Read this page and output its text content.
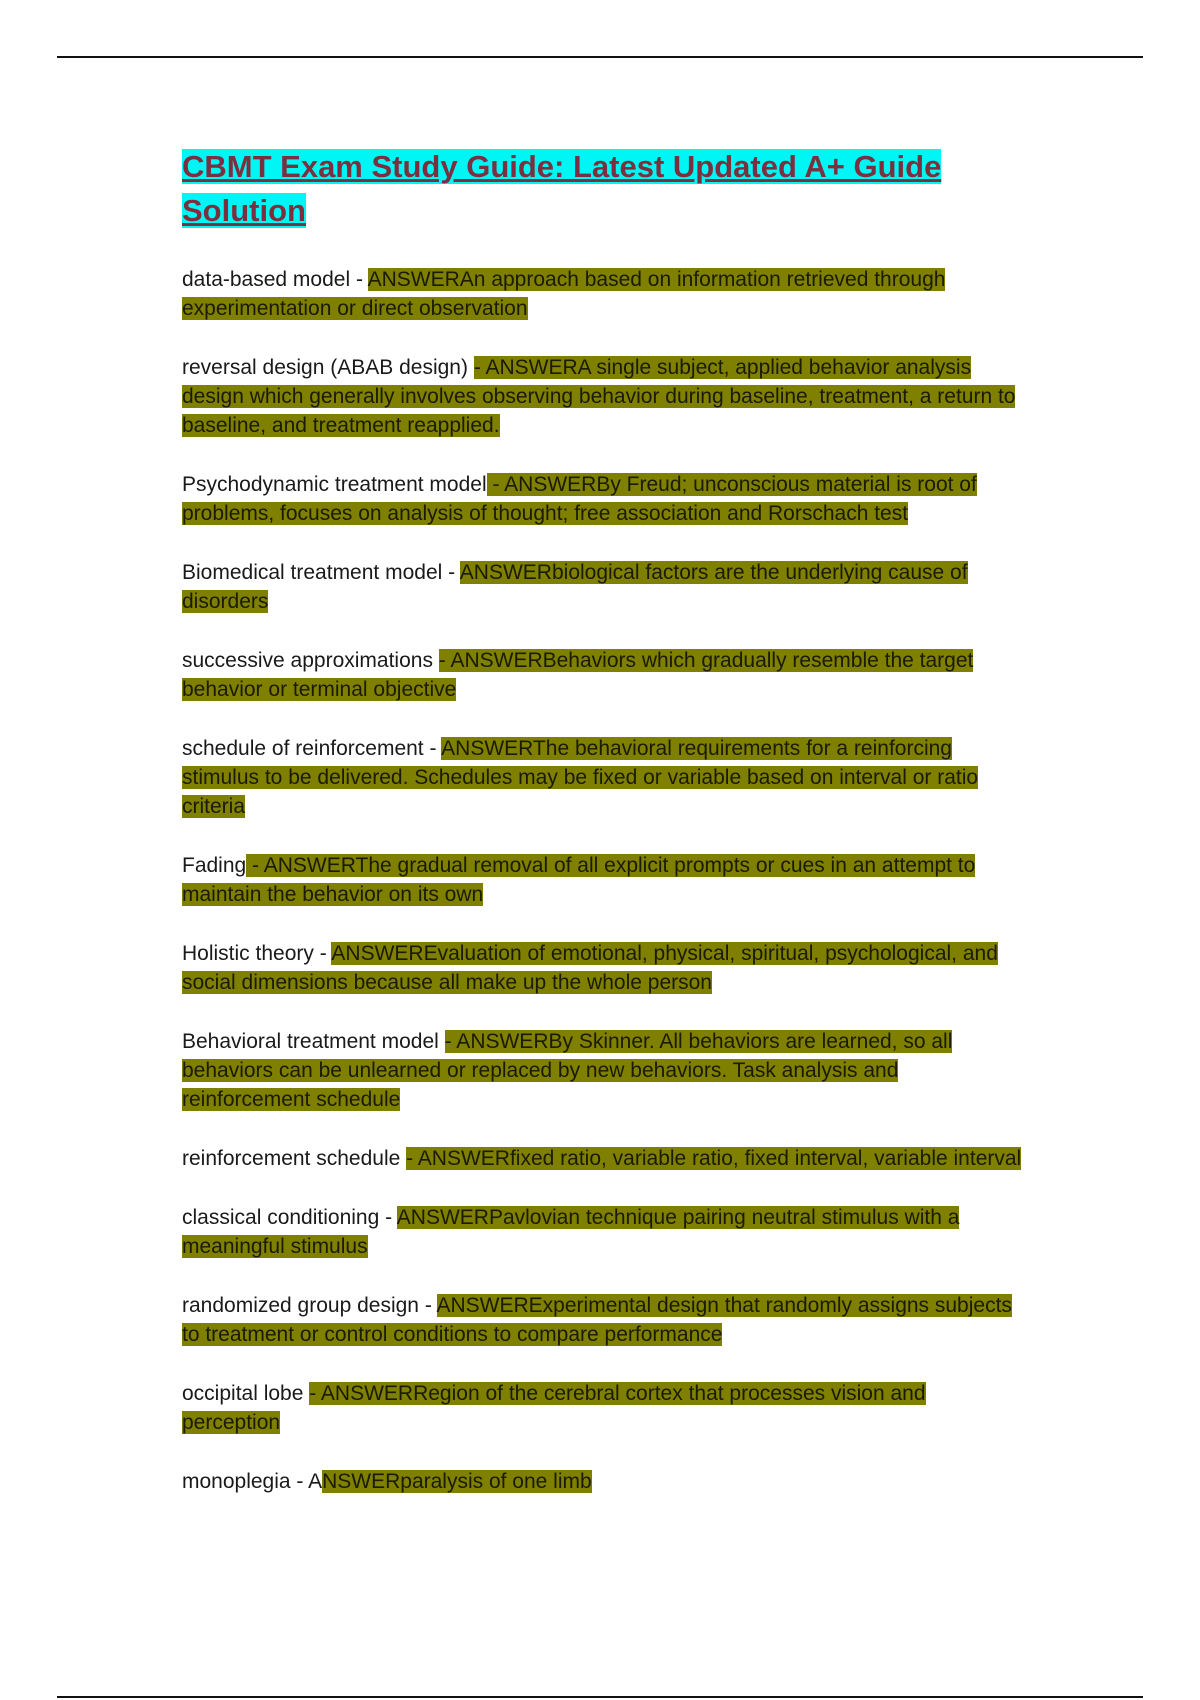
CBMT Exam Study Guide: Latest Updated A+ Guide Solution

data-based model - ANSWERAn approach based on information retrieved through experimentation or direct observation

reversal design (ABAB design) - ANSWERA single subject, applied behavior analysis design which generally involves observing behavior during baseline, treatment, a return to baseline, and treatment reapplied.

Psychodynamic treatment model - ANSWERBy Freud; unconscious material is root of problems, focuses on analysis of thought; free association and Rorschach test

Biomedical treatment model - ANSWERbiological factors are the underlying cause of disorders

successive approximations - ANSWERBehaviors which gradually resemble the target behavior or terminal objective

schedule of reinforcement - ANSWERThe behavioral requirements for a reinforcing stimulus to be delivered. Schedules may be fixed or variable based on interval or ratio criteria

Fading - ANSWERThe gradual removal of all explicit prompts or cues in an attempt to maintain the behavior on its own

Holistic theory - ANSWEREvaluation of emotional, physical, spiritual, psychological, and social dimensions because all make up the whole person

Behavioral treatment model - ANSWERBy Skinner. All behaviors are learned, so all behaviors can be unlearned or replaced by new behaviors. Task analysis and reinforcement schedule

reinforcement schedule - ANSWERfixed ratio, variable ratio, fixed interval, variable interval

classical conditioning - ANSWERPavlovian technique pairing neutral stimulus with a meaningful stimulus

randomized group design - ANSWERExperimental design that randomly assigns subjects to treatment or control conditions to compare performance

occipital lobe - ANSWERRegion of the cerebral cortex that processes vision and perception

monoplegia - ANSWERparalysis of one limb
